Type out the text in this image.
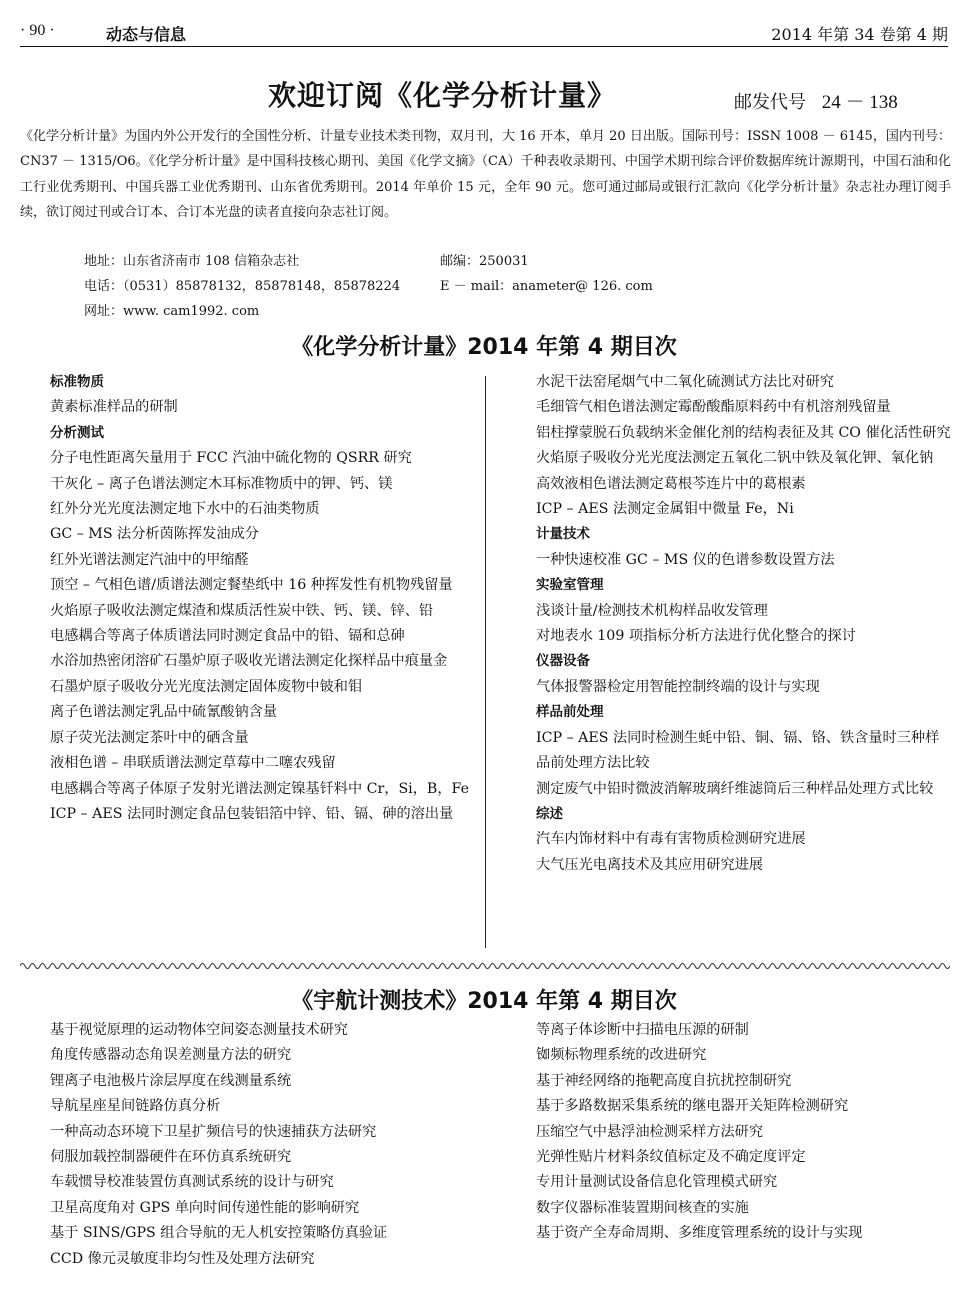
· 90 ·	动态与信息	2014 年第 34 卷第 4 期
欢迎订阅《化学分析计量》	邮发代号 24 － 138
《化学分析计量》为国内外公开发行的全国性分析、计量专业技术类刊物，双月刊，大 16 开本，单月 20 日出版。国际刊号：ISSN 1008 － 6145，国内刊号：CN37 － 1315/O6。《化学分析计量》是中国科技核心期刊、美国《化学文摘》（CA）千种表收录期刊、中国学术期刊综合评价数据库统计源期刊，中国石油和化工行业优秀期刊、中国兵器工业优秀期刊、山东省优秀期刊。2014 年单价 15 元，全年 90 元。您可通过邮局或银行汇款向《化学分析计量》杂志社办理订阅手续，欲订阅过刊或合订本、合订本光盘的读者直接向杂志社订阅。
地址：山东省济南市 108 信箱杂志社	邮编：250031
电话：（0531）85878132，85878148，85878224	E － mail：anameter@ 126. com
网址：www. cam1992. com
《化学分析计量》2014 年第 4 期目次
标准物质
黄素标准样品的研制
分析测试
分子电性距离矢量用于 FCC 汽油中硫化物的 QSRR 研究
干灰化 – 离子色谱法测定木耳标准物质中的钾、钙、镁
红外分光光度法测定地下水中的石油类物质
GC – MS 法分析茵陈挥发油成分
红外光谱法测定汽油中的甲缩醛
顶空 – 气相色谱/质谱法测定餐垫纸中 16 种挥发性有机物残留量
火焰原子吸收法测定煤渣和煤质活性炭中铁、钙、镁、锌、铅
电感耦合等离子体质谱法同时测定食品中的铅、镉和总砷
水浴加热密闭溶矿石墨炉原子吸收光谱法测定化探样品中痕量金
石墨炉原子吸收分光光度法测定固体废物中铍和钼
离子色谱法测定乳品中硫氰酸钠含量
原子荧光法测定茶叶中的硒含量
液相色谱 – 串联质谱法测定草莓中二噻农残留
电感耦合等离子体原子发射光谱法测定镍基钎料中 Cr，Si，B，Fe
ICP – AES 法同时测定食品包装铝箔中锌、铅、镉、砷的溶出量
水泥干法窑尾烟气中二氧化硫测试方法比对研究
毛细管气相色谱法测定霉酚酸酯原料药中有机溶剂残留量
铝柱撑蒙脱石负载纳米金催化剂的结构表征及其 CO 催化活性研究
火焰原子吸收分光光度法测定五氧化二钒中铁及氧化钾、氧化钠
高效液相色谱法测定葛根芩连片中的葛根素
ICP – AES 法测定金属钼中微量 Fe，Ni
计量技术
一种快速校准 GC – MS 仪的色谱参数设置方法
实验室管理
浅谈计量/检测技术机构样品收发管理
对地表水 109 项指标分析方法进行优化整合的探讨
仪器设备
气体报警器检定用智能控制终端的设计与实现
样品前处理
ICP – AES 法同时检测生蚝中铅、铜、镉、铬、铁含量时三种样品前处理方法比较
测定废气中铅时微波消解玻璃纤维滤筒后三种样品处理方式比较
综述
汽车内饰材料中有毒有害物质检测研究进展
大气压光电离技术及其应用研究进展
《宇航计测技术》2014 年第 4 期目次
基于视觉原理的运动物体空间姿态测量技术研究
角度传感器动态角误差测量方法的研究
锂离子电池极片涂层厚度在线测量系统
导航星座星间链路仿真分析
一种高动态环境下卫星扩频信号的快速捕获方法研究
伺服加载控制器硬件在环仿真系统研究
车载惯导校准装置仿真测试系统的设计与研究
卫星高度角对 GPS 单向时间传递性能的影响研究
基于 SINS/GPS 组合导航的无人机安控策略仿真验证
CCD 像元灵敏度非均匀性及处理方法研究
等离子体诊断中扫描电压源的研制
铷频标物理系统的改进研究
基于神经网络的拖靶高度自抗扰控制研究
基于多路数据采集系统的继电器开关矩阵检测研究
压缩空气中悬浮油检测采样方法研究
光弹性贴片材料条纹值标定及不确定度评定
专用计量测试设备信息化管理模式研究
数字仪器标准装置期间核查的实施
基于资产全寿命周期、多维度管理系统的设计与实现
